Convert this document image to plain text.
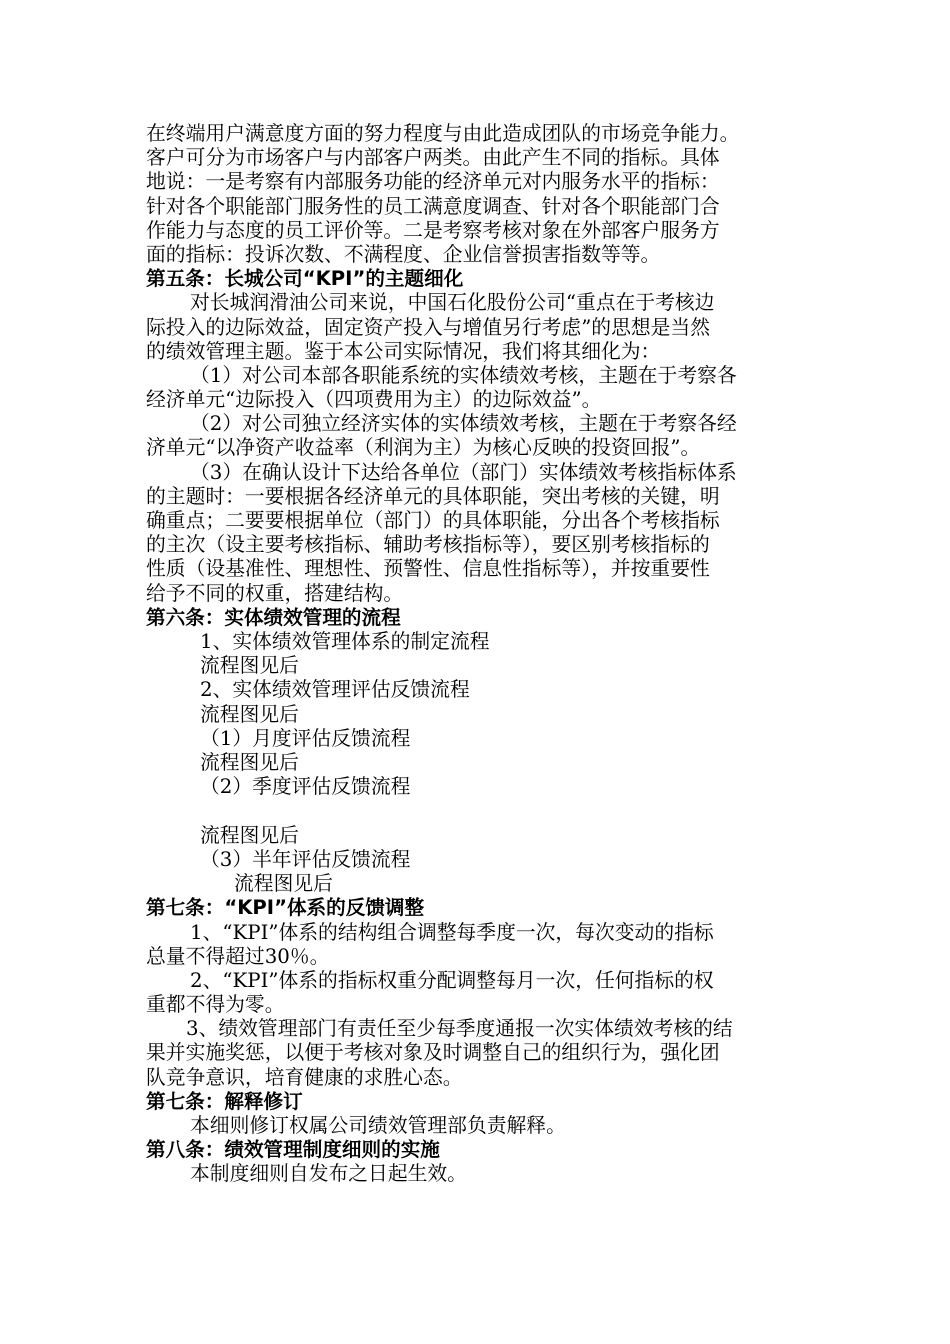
在终端用户满意度方面的努力程度与由此造成团队的市场竞争能力。
客户可分为市场客户与内部客户两类。由此产生不同的指标。具体
地说：一是考察有内部服务功能的经济单元对内服务水平的指标：
针对各个职能部门服务性的员工满意度调查、针对各个职能部门合
作能力与态度的员工评价等。二是考察考核对象在外部客户服务方
面的指标：投诉次数、不满程度、企业信誉损害指数等等。
第五条：长城公司“KPI”的主题细化
对长城润滑油公司来说，中国石化股份公司“重点在于考核边
际投入的边际效益，固定资产投入与增值另行考虑”的思想是当然
的绩效管理主题。鉴于本公司实际情况，我们将其细化为：
（1）对公司本部各职能系统的实体绩效考核，主题在于考察各
经济单元“边际投入（四项费用为主）的边际效益”。
（2）对公司独立经济实体的实体绩效考核，主题在于考察各经
济单元“以净资产收益率（利润为主）为核心反映的投资回报”。
（3）在确认设计下达给各单位（部门）实体绩效考核指标体系
的主题时：一要根据各经济单元的具体职能，突出考核的关键，明
确重点；二要要根据单位（部门）的具体职能，分出各个考核指标
的主次（设主要考核指标、辅助考核指标等），要区别考核指标的
性质（设基准性、理想性、预警性、信息性指标等），并按重要性
给予不同的权重，搭建结构。
第六条：实体绩效管理的流程
1、实体绩效管理体系的制定流程
流程图见后
2、实体绩效管理评估反馈流程
流程图见后
（1）月度评估反馈流程
流程图见后
（2）季度评估反馈流程
流程图见后
（3）半年评估反馈流程
流程图见后
第七条：“KPI”体系的反馈调整
1、“KPI”体系的结构组合调整每季度一次，每次变动的指标
总量不得超过30％。
2、“KPI”体系的指标权重分配调整每月一次，任何指标的权
重都不得为零。
3、绩效管理部门有责任至少每季度通报一次实体绩效考核的结
果并实施奖惩，以便于考核对象及时调整自己的组织行为，强化团
队竞争意识，培育健康的求胜心态。
第七条：解释修订
本细则修订权属公司绩效管理部负责解释。
第八条：绩效管理制度细则的实施
本制度细则自发布之日起生效。
